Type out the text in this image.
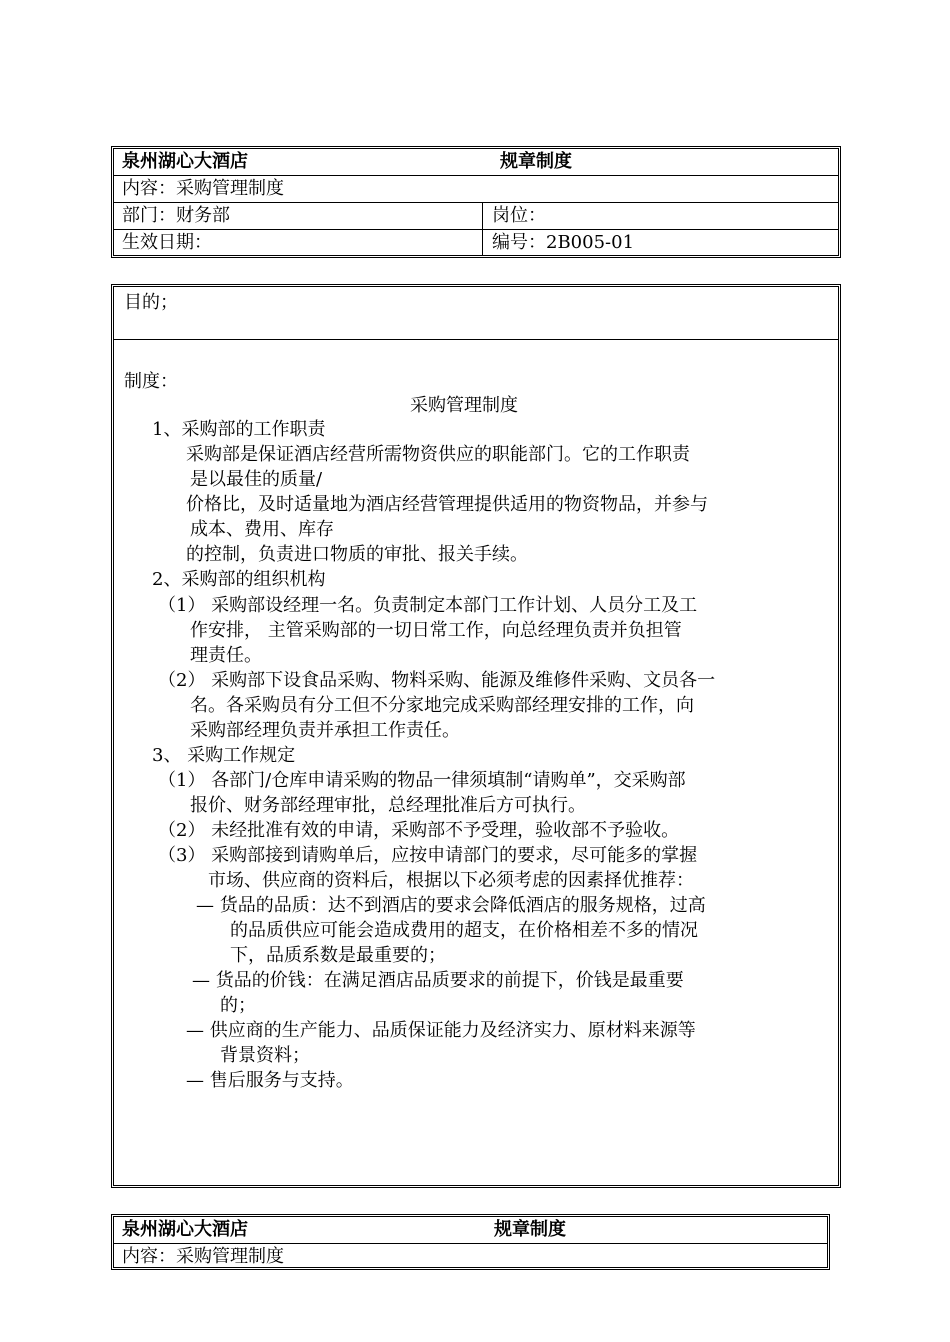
泉州湖心大酒店	规章制度
内容：采购管理制度
部门：财务部	岗位：
生效日期：	编号：2B005-01
目的；
制度：
采购管理制度
1、采购部的工作职责
采购部是保证酒店经营所需物资供应的职能部门。它的工作职责
是以最佳的质量/
价格比，及时适量地为酒店经营管理提供适用的物资物品，并参与
成本、费用、库存
的控制，负责进口物质的审批、报关手续。
2、采购部的组织机构
（1） 采购部设经理一名。负责制定本部门工作计划、人员分工及工
作安排， 主管采购部的一切日常工作，向总经理负责并负担管
理责任。
（2） 采购部下设食品采购、物料采购、能源及维修件采购、文员各一
名。各采购员有分工但不分家地完成采购部经理安排的工作，向
采购部经理负责并承担工作责任。
3、 采购工作规定
（1） 各部门/仓库申请采购的物品一律须填制“请购单”，交采购部
报价、财务部经理审批，总经理批准后方可执行。
（2） 未经批准有效的申请，采购部不予受理，验收部不予验收。
（3） 采购部接到请购单后，应按申请部门的要求，尽可能多的掌握
市场、供应商的资料后，根据以下必须考虑的因素择优推荐：
— 货品的品质：达不到酒店的要求会降低酒店的服务规格，过高
的品质供应可能会造成费用的超支，在价格相差不多的情况
下，品质系数是最重要的；
— 货品的价钱：在满足酒店品质要求的前提下，价钱是最重要
的；
— 供应商的生产能力、品质保证能力及经济实力、原材料来源等
背景资料；
— 售后服务与支持。
泉州湖心大酒店	规章制度
内容：采购管理制度
